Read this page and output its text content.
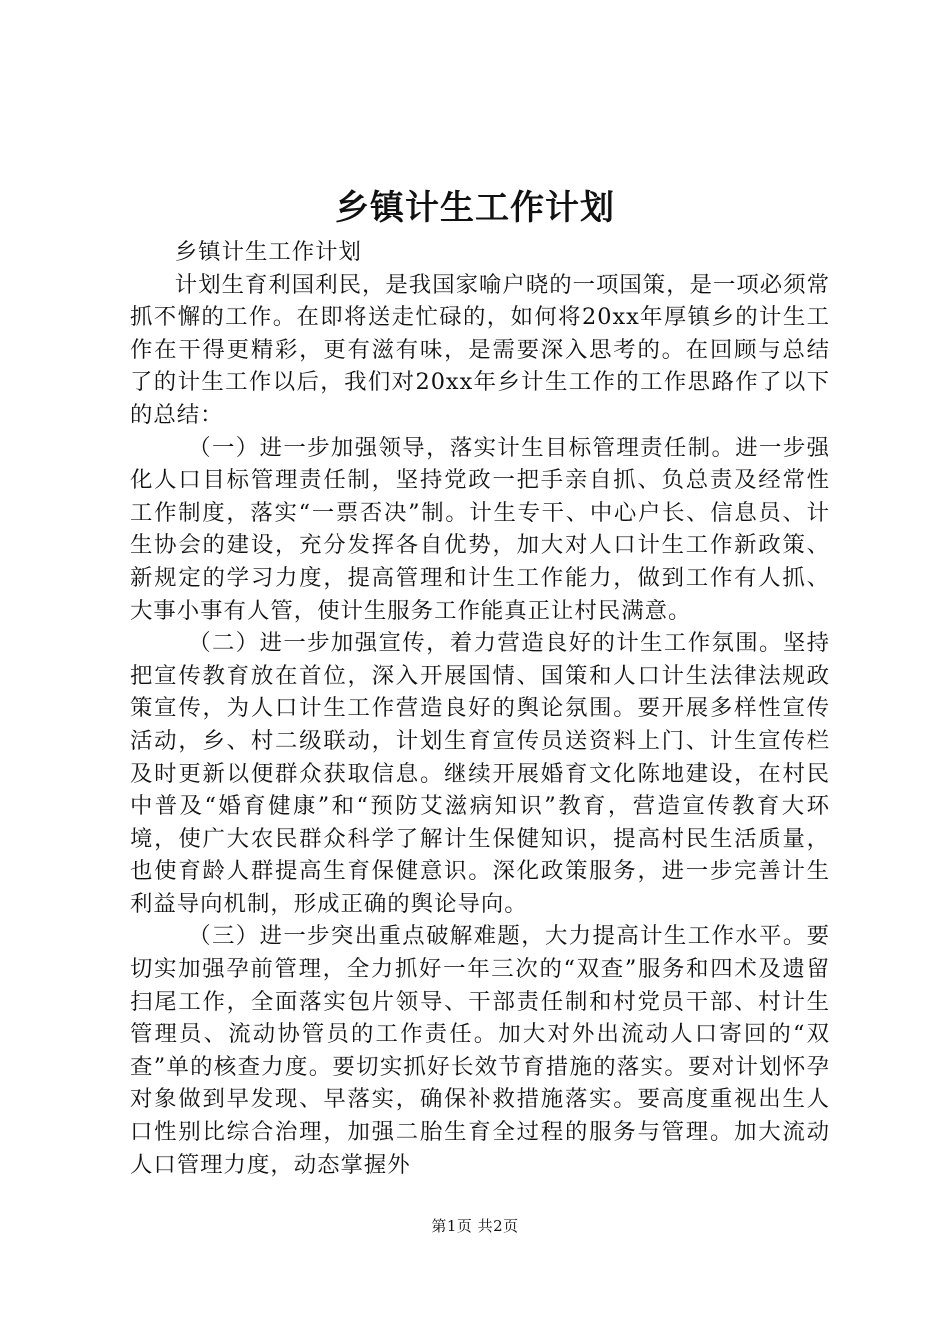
乡镇计生工作计划

乡镇计生工作计划

计划生育利国利民，是我国家喻户晓的一项国策，是一项必须常抓不懈的工作。在即将送走忙碌的，如何将20xx年厚镇乡的计生工作在干得更精彩，更有滋有味，是需要深入思考的。在回顾与总结了的计生工作以后，我们对20xx年乡计生工作的工作思路作了以下的总结：

（一）进一步加强领导，落实计生目标管理责任制。进一步强化人口目标管理责任制，坚持党政一把手亲自抓、负总责及经常性工作制度，落实“一票否决”制。计生专干、中心户长、信息员、计生协会的建设，充分发挥各自优势，加大对人口计生工作新政策、新规定的学习力度，提高管理和计生工作能力，做到工作有人抓、大事小事有人管，使计生服务工作能真正让村民满意。

（二）进一步加强宣传，着力营造良好的计生工作氛围。坚持把宣传教育放在首位，深入开展国情、国策和人口计生法律法规政策宣传，为人口计生工作营造良好的舆论氛围。要开展多样性宣传活动，乡、村二级联动，计划生育宣传员送资料上门、计生宣传栏及时更新以便群众获取信息。继续开展婚育文化陈地建设，在村民中普及“婚育健康”和“预防艾滋病知识”教育，营造宣传教育大环境，使广大农民群众科学了解计生保健知识，提高村民生活质量，也使育龄人群提高生育保健意识。深化政策服务，进一步完善计生利益导向机制，形成正确的舆论导向。

（三）进一步突出重点破解难题，大力提高计生工作水平。要切实加强孕前管理，全力抓好一年三次的“双查”服务和四术及遗留扫尾工作，全面落实包片领导、干部责任制和村党员干部、村计生管理员、流动协管员的工作责任。加大对外出流动人口寄回的“双查”单的核查力度。要切实抓好长效节育措施的落实。要对计划怀孕对象做到早发现、早落实，确保补救措施落实。要高度重视出生人口性别比综合治理，加强二胎生育全过程的服务与管理。加大流动人口管理力度，动态掌握外

第1页 共2页
